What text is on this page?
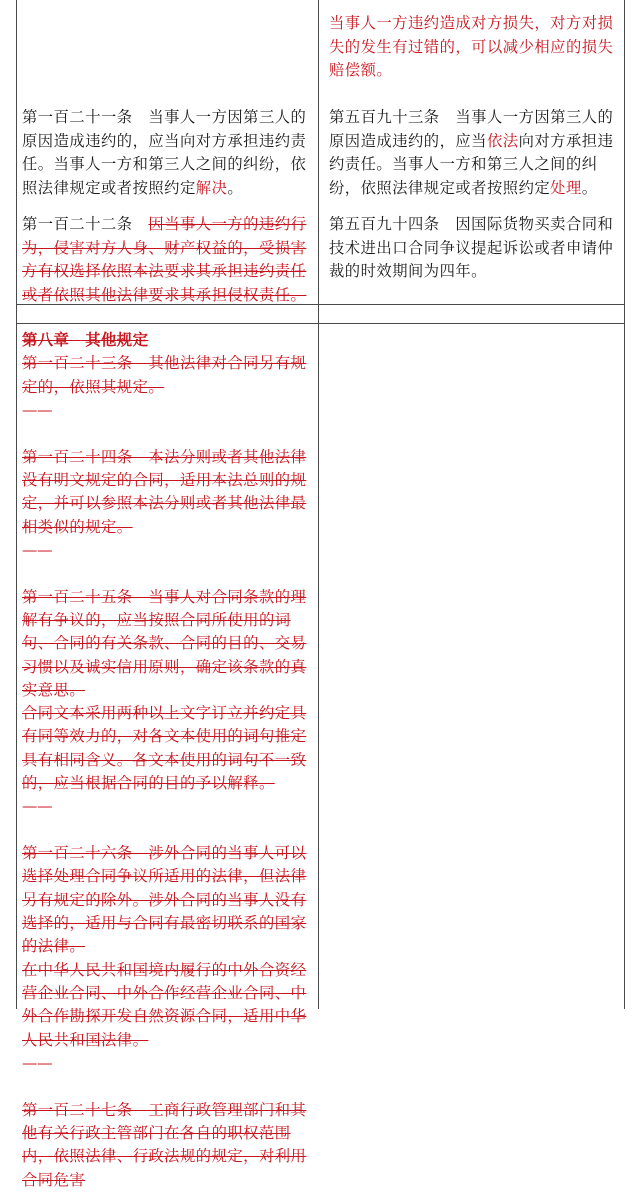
当事人一方违约造成对方损失，对方对损失的发生有过错的，可以减少相应的损失赔偿额。

第一百二十一条　当事人一方因第三人的原因造成违约的，应当向对方承担违约责任。当事人一方和第三人之间的纠纷，依照法律规定或者按照约定解决。

第五百九十三条　当事人一方因第三人的原因造成违约的，应当依法向对方承担违约责任。当事人一方和第三人之间的纠纷，依照法律规定或者按照约定处理。

第一百二十二条　因当事人一方的违约行为，侵害对方人身、财产权益的，受损害方有权选择依照本法要求其承担违约责任或者依照其他法律要求其承担侵权责任。

第五百九十四条　因国际货物买卖合同和技术进出口合同争议提起诉讼或者申请仲裁的时效期间为四年。

第八章　其他规定

第一百二十三条　其他法律对合同另有规定的，依照其规定。

——

第一百二十四条　本法分则或者其他法律没有明文规定的合同，适用本法总则的规定，并可以参照本法分则或者其他法律最相类似的规定。

——

第一百二十五条　当事人对合同条款的理解有争议的，应当按照合同所使用的词句、合同的有关条款、合同的目的、交易习惯以及诚实信用原则，确定该条款的真实意思。

合同文本采用两种以上文字订立并约定具有同等效力的，对各文本使用的词句推定具有相同含义。各文本使用的词句不一致的，应当根据合同的目的予以解释。

——

第一百二十六条　涉外合同的当事人可以选择处理合同争议所适用的法律，但法律另有规定的除外。涉外合同的当事人没有选择的，适用与合同有最密切联系的国家的法律。

在中华人民共和国境内履行的中外合资经营企业合同、中外合作经营企业合同、中外合作勘探开发自然资源合同，适用中华人民共和国法律。

——

第一百二十七条　工商行政管理部门和其他有关行政主管部门在各自的职权范围内，依照法律、行政法规的规定，对利用合同危害
